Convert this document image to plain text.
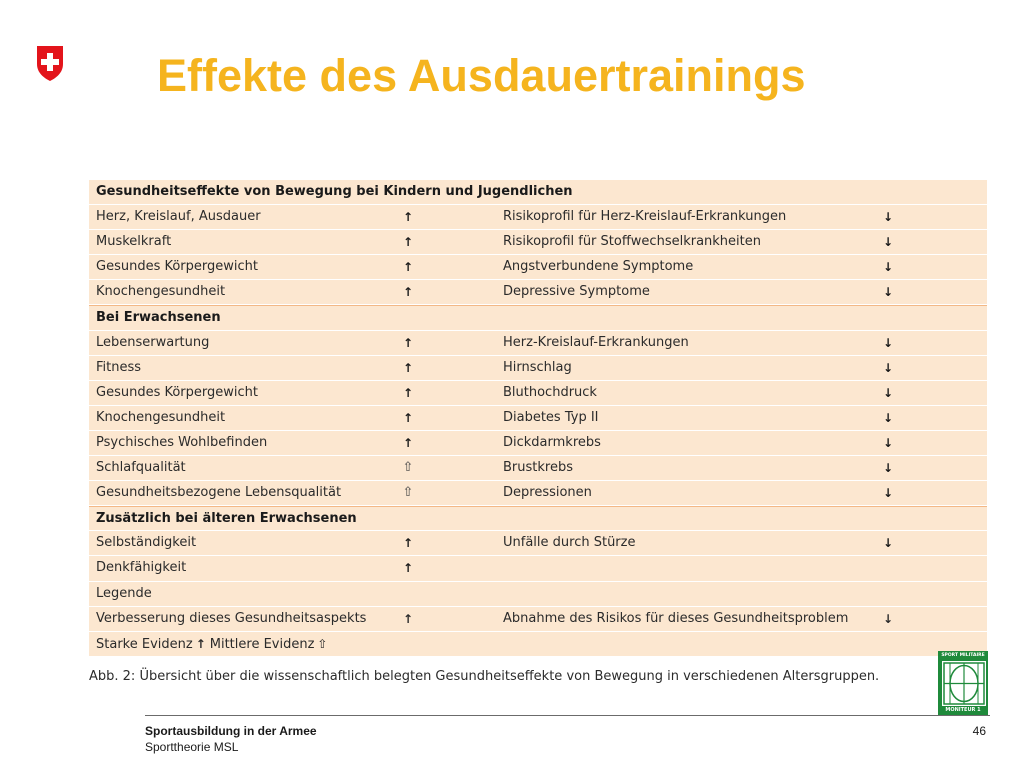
Effekte des Ausdauertrainings
Gesundheitseffekte von Bewegung bei Kindern und Jugendlichen
Herz, Kreislauf, Ausdauer	↑	Risikoprofil für Herz-Kreislauf-Erkrankungen	↓
Muskelkraft	↑	Risikoprofil für Stoffwechselkrankheiten	↓
Gesundes Körpergewicht	↑	Angstverbundene Symptome	↓
Knochengesundheit	↑	Depressive Symptome	↓
Bei Erwachsenen
Lebenserwartung	↑	Herz-Kreislauf-Erkrankungen	↓
Fitness	↑	Hirnschlag	↓
Gesundes Körpergewicht	↑	Bluthochdruck	↓
Knochengesundheit	↑	Diabetes Typ II	↓
Psychisches Wohlbefinden	↑	Dickdarmkrebs	↓
Schlafqualität	⇧	Brustkrebs	↓
Gesundheitsbezogene Lebensqualität	⇧	Depressionen	↓
Zusätzlich bei älteren Erwachsenen
Selbständigkeit	↑	Unfälle durch Stürze	↓
Denkfähigkeit	↑
Legende
Verbesserung dieses Gesundheitsaspekts	↑	Abnahme des Risikos für dieses Gesundheitsproblem	↓
Starke Evidenz ↑ Mittlere Evidenz ⇧
Abb. 2: Übersicht über die wissenschaftlich belegten Gesundheitseffekte von Bewegung in verschiedenen Altersgruppen.
SPORT MILITAIRE
MONITEUR 1
Sportausbildung in der Armee
Sporttheorie MSL
46
